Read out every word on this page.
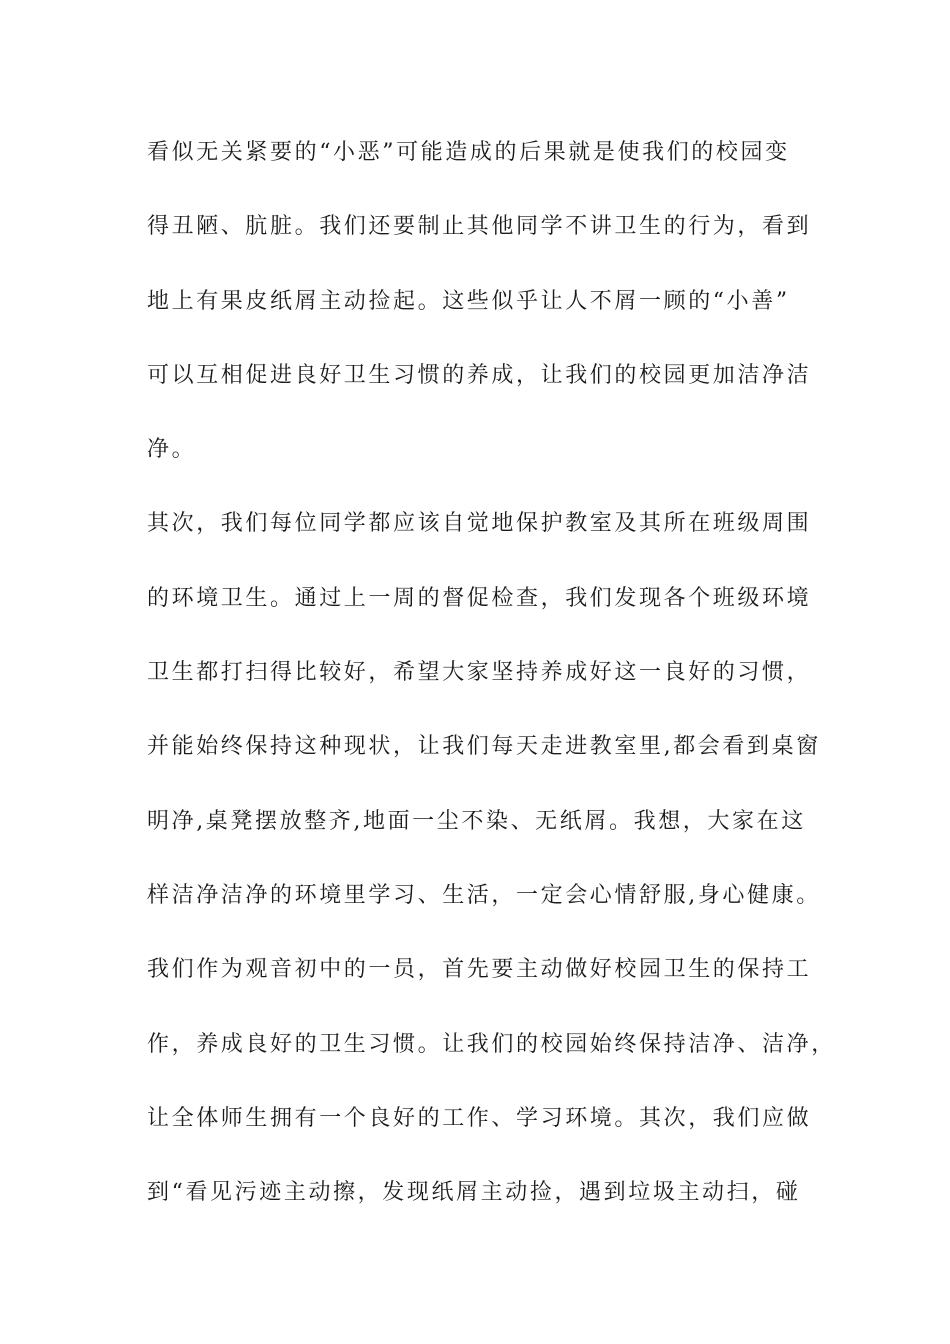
看似无关紧要的“小恶”可能造成的后果就是使我们的校园变
得丑陋、肮脏。我们还要制止其他同学不讲卫生的行为，看到
地上有果皮纸屑主动捡起。这些似乎让人不屑一顾的“小善”
可以互相促进良好卫生习惯的养成，让我们的校园更加洁净洁
净。
其次，我们每位同学都应该自觉地保护教室及其所在班级周围
的环境卫生。通过上一周的督促检查，我们发现各个班级环境
卫生都打扫得比较好，希望大家坚持养成好这一良好的习惯，
并能始终保持这种现状，让我们每天走进教室里,都会看到桌窗
明净,桌凳摆放整齐,地面一尘不染、无纸屑。我想，大家在这
样洁净洁净的环境里学习、生活，一定会心情舒服,身心健康。
我们作为观音初中的一员，首先要主动做好校园卫生的保持工
作，养成良好的卫生习惯。让我们的校园始终保持洁净、洁净，
让全体师生拥有一个良好的工作、学习环境。其次，我们应做
到“看见污迹主动擦，发现纸屑主动捡，遇到垃圾主动扫，碰
